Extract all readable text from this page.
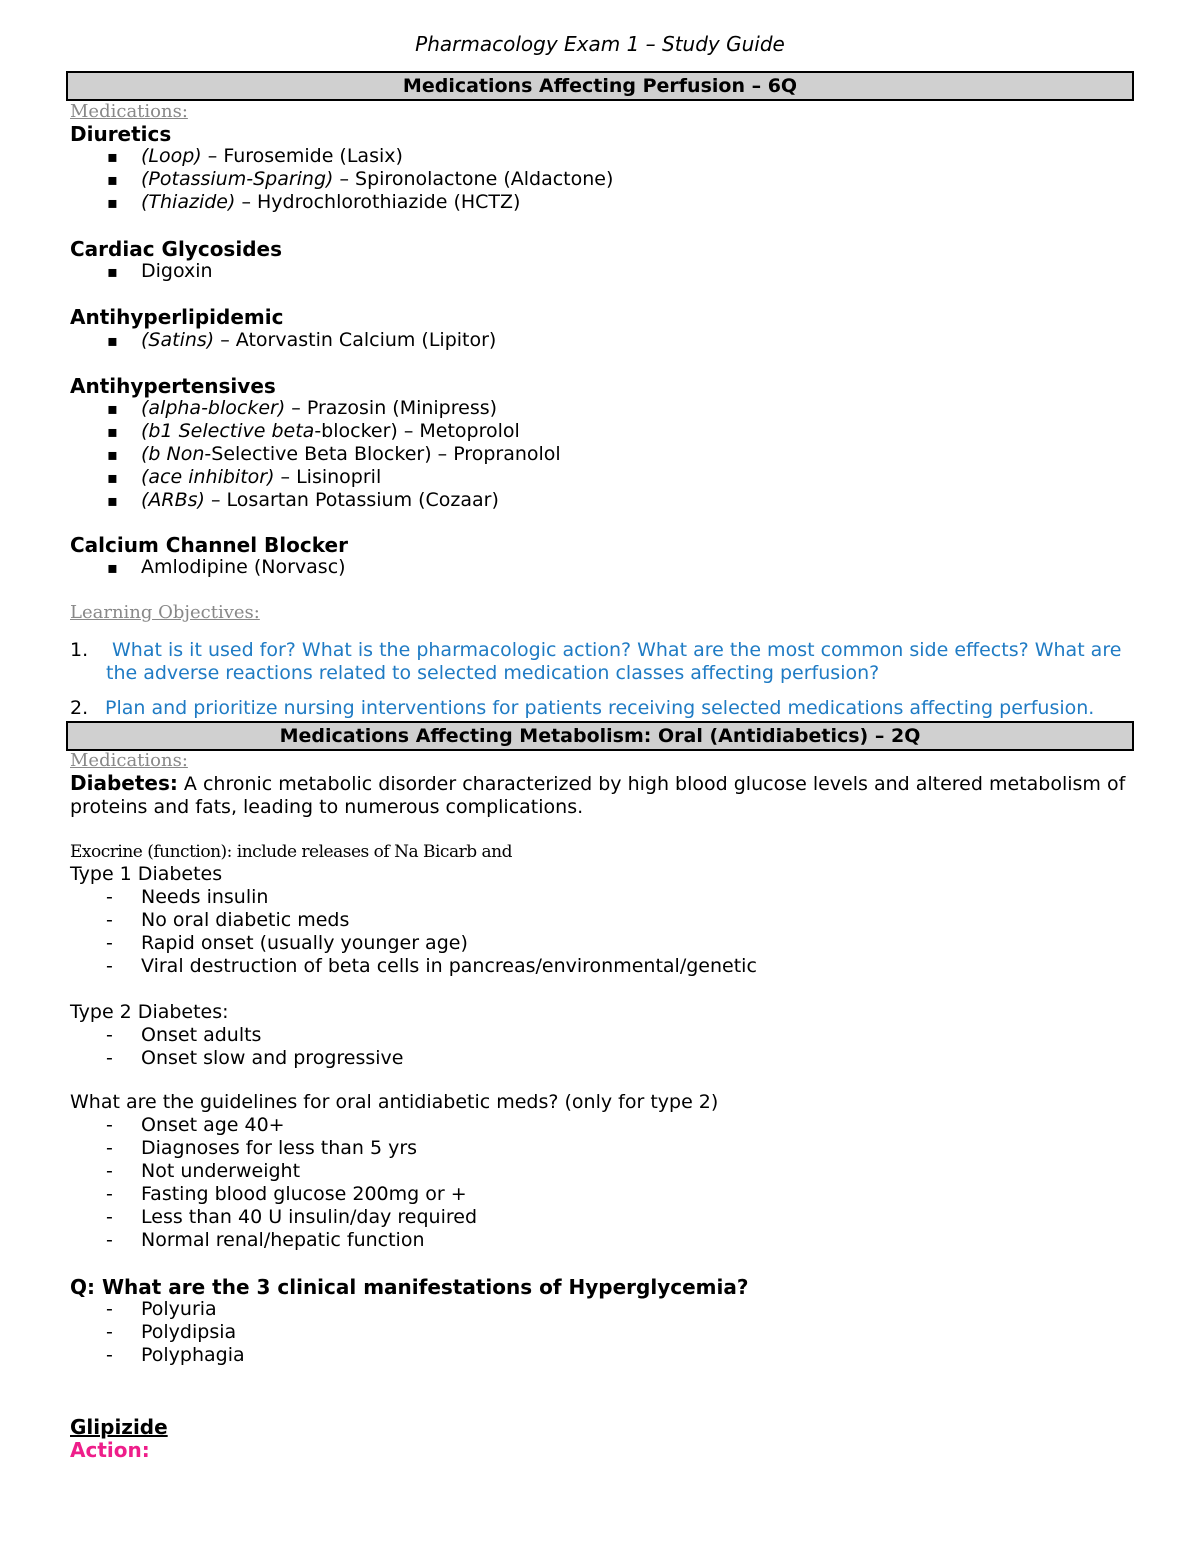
Pharmacology Exam 1 – Study Guide
Medications Affecting Perfusion – 6Q
Medications:
Diuretics
▪ (Loop) – Furosemide (Lasix)
▪ (Potassium-Sparing) – Spironolactone (Aldactone)
▪ (Thiazide) – Hydrochlorothiazide (HCTZ)
Cardiac Glycosides
▪ Digoxin
Antihyperlipidemic
▪ (Satins) – Atorvastin Calcium (Lipitor)
Antihypertensives
▪ (alpha-blocker) – Prazosin (Minipress)
▪ (b1 Selective beta-blocker) – Metoprolol
▪ (b Non-Selective Beta Blocker) – Propranolol
▪ (ace inhibitor) – Lisinopril
▪ (ARBs) – Losartan Potassium (Cozaar)
Calcium Channel Blocker
▪ Amlodipine (Norvasc)
Learning Objectives:
1.	What is it used for? What is the pharmacologic action? What are the most common side effects? What are the adverse reactions related to selected medication classes affecting perfusion?
2. Plan and prioritize nursing interventions for patients receiving selected medications affecting perfusion.
Medications Affecting Metabolism: Oral (Antidiabetics) – 2Q
Medications:
Diabetes: A chronic metabolic disorder characterized by high blood glucose levels and altered metabolism of proteins and fats, leading to numerous complications.
Exocrine (function): include releases of Na Bicarb and
Type 1 Diabetes
- Needs insulin
- No oral diabetic meds
- Rapid onset (usually younger age)
- Viral destruction of beta cells in pancreas/environmental/genetic
Type 2 Diabetes:
- Onset adults
- Onset slow and progressive
What are the guidelines for oral antidiabetic meds? (only for type 2)
- Onset age 40+
- Diagnoses for less than 5 yrs
- Not underweight
- Fasting blood glucose 200mg or +
- Less than 40 U insulin/day required
- Normal renal/hepatic function
Q: What are the 3 clinical manifestations of Hyperglycemia?
- Polyuria
- Polydipsia
- Polyphagia
Glipizide
Action:
